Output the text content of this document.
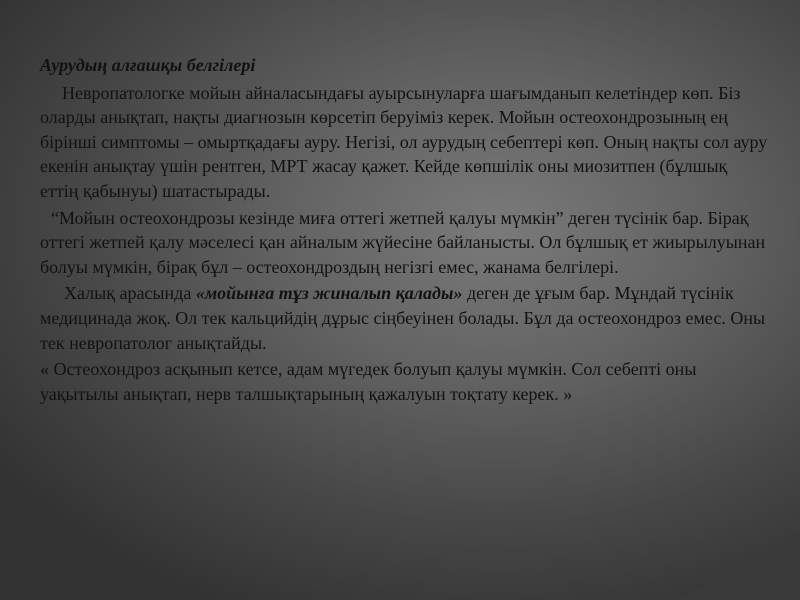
Аурудың алғашқы белгілері

Невропатологке мойын айналасындағы ауырсынуларға шағымданып келетіндер көп. Біз оларды анықтап, нақты диагнозын көрсетіп беруіміз керек. Мойын остеохондрозының ең бірінші симптомы – омыртқадағы ауру. Негізі, ол аурудың себептері көп. Оның нақты сол ауру екенін анықтау үшін рентген, МРТ жасау қажет. Кейде көпшілік оны миозитпен (бұлшық еттің қабынуы) шатастырады.

“Мойын остеохондрозы кезінде миға оттегі жетпей қалуы мүмкін” деген түсінік бар. Бірақ оттегі жетпей қалу мәселесі қан айналым жүйесіне байланысты. Ол бұлшық ет жиырылуынан болуы мүмкін, бірақ бұл – остеохондроздың негізгі емес, жанама белгілері.

Халық арасында «мойынға тұз жиналып қалады» деген де ұғым бар. Мұндай түсінік медицинада жоқ. Ол тек кальцийдің дұрыс сіңбеуінен болады. Бұл да остеохондроз емес. Оны тек невропатолог анықтайды.

« Остеохондроз асқынып кетсе, адам мүгедек болуып қалуы мүмкін. Сол себепті оны уақытылы анықтап, нерв талшықтарының қажалуын тоқтату керек. »
